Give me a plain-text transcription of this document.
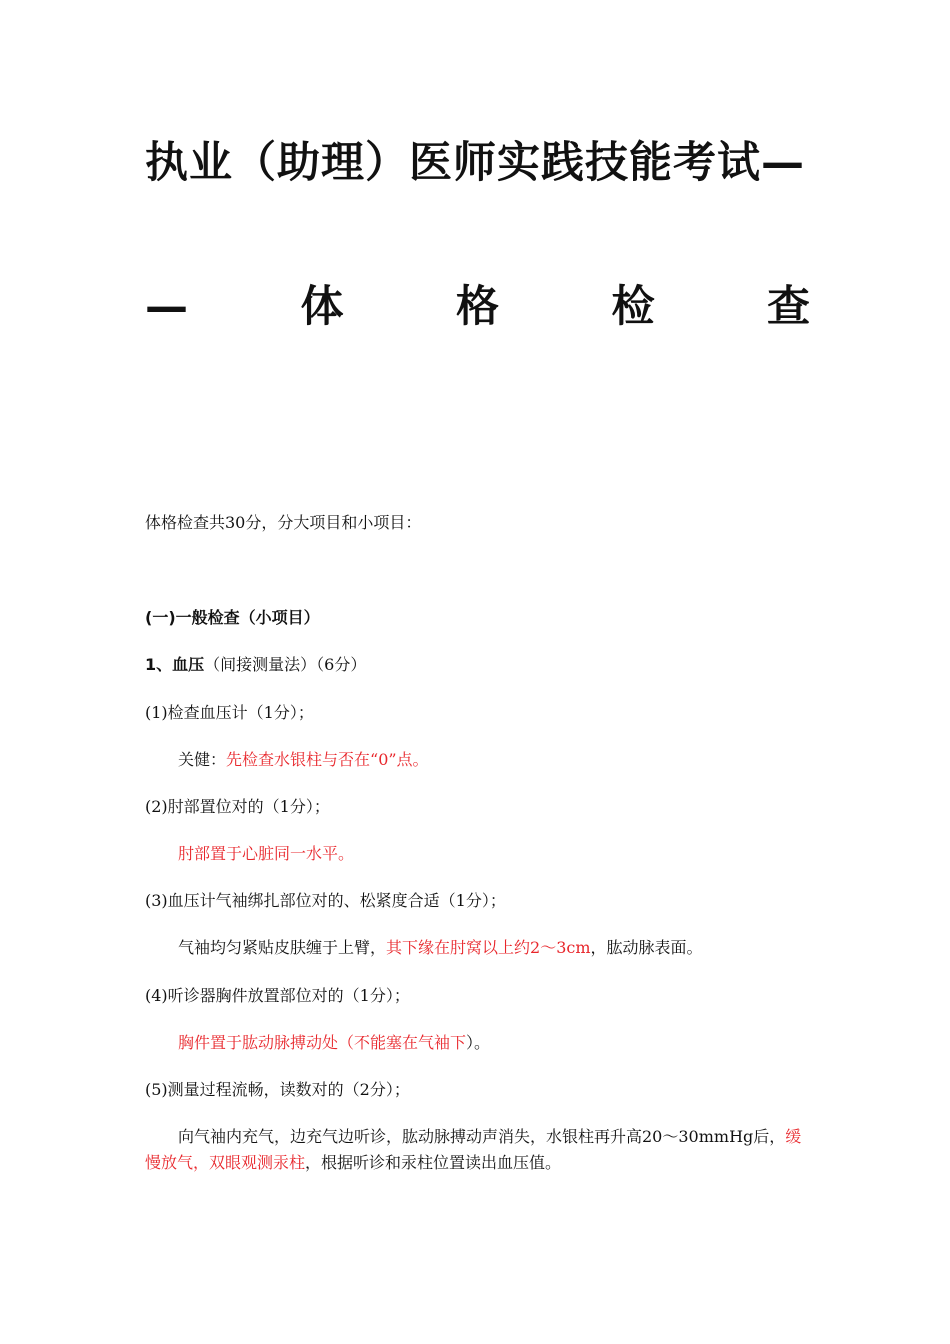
执业（助理）医师实践技能考试—
—	体	格	检	查
体格检查共30分，分大项目和小项目：
(一)一般检查（小项目）
1、血压（间接测量法）（6分）
(1)检查血压计（1分）；
关健：先检查水银柱与否在“0”点。
(2)肘部置位对的（1分）；
肘部置于心脏同一水平。
(3)血压计气袖绑扎部位对的、松紧度合适（1分）；
气袖均匀紧贴皮肤缠于上臂，其下缘在肘窝以上约2～3cm，肱动脉表面。
(4)听诊器胸件放置部位对的（1分）；
胸件置于肱动脉搏动处（不能塞在气袖下）。
(5)测量过程流畅，读数对的（2分）；
向气袖内充气，边充气边听诊，肱动脉搏动声消失，水银柱再升高20～30mmHg后，缓慢放气，双眼观测汞柱，根据听诊和汞柱位置读出血压值。
